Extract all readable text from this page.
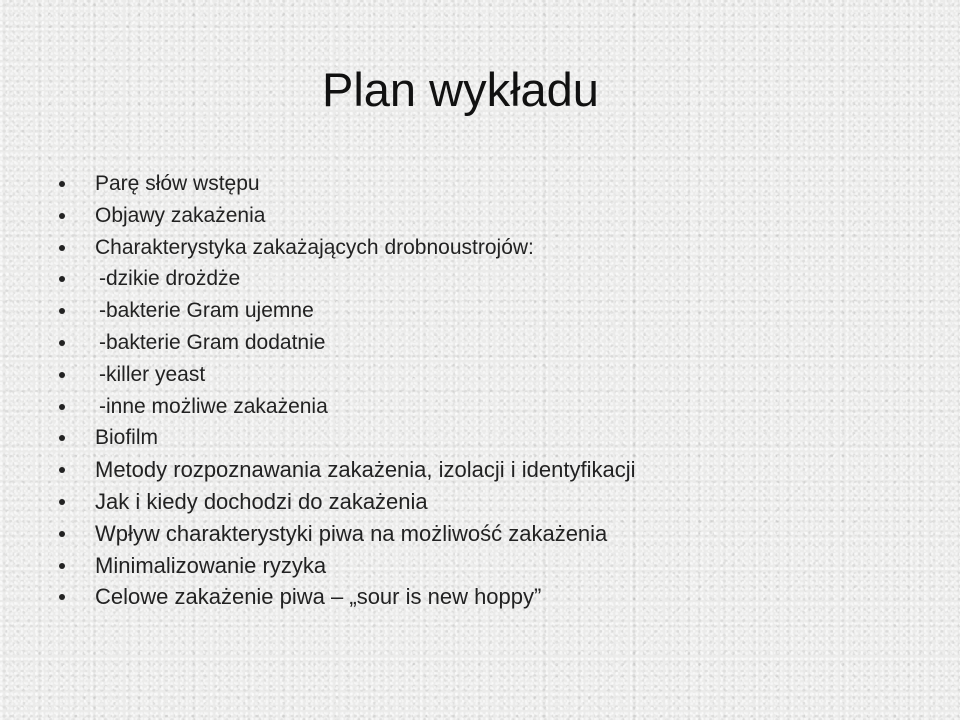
Plan wykładu
Parę słów wstępu
Objawy zakażenia
Charakterystyka zakażających drobnoustrojów:
-dzikie drożdże
-bakterie Gram ujemne
-bakterie Gram dodatnie
-killer yeast
-inne możliwe zakażenia
Biofilm
Metody rozpoznawania zakażenia, izolacji i identyfikacji
Jak i kiedy dochodzi do zakażenia
Wpływ charakterystyki piwa na możliwość zakażenia
Minimalizowanie ryzyka
Celowe zakażenie piwa – „sour is new hoppy”
